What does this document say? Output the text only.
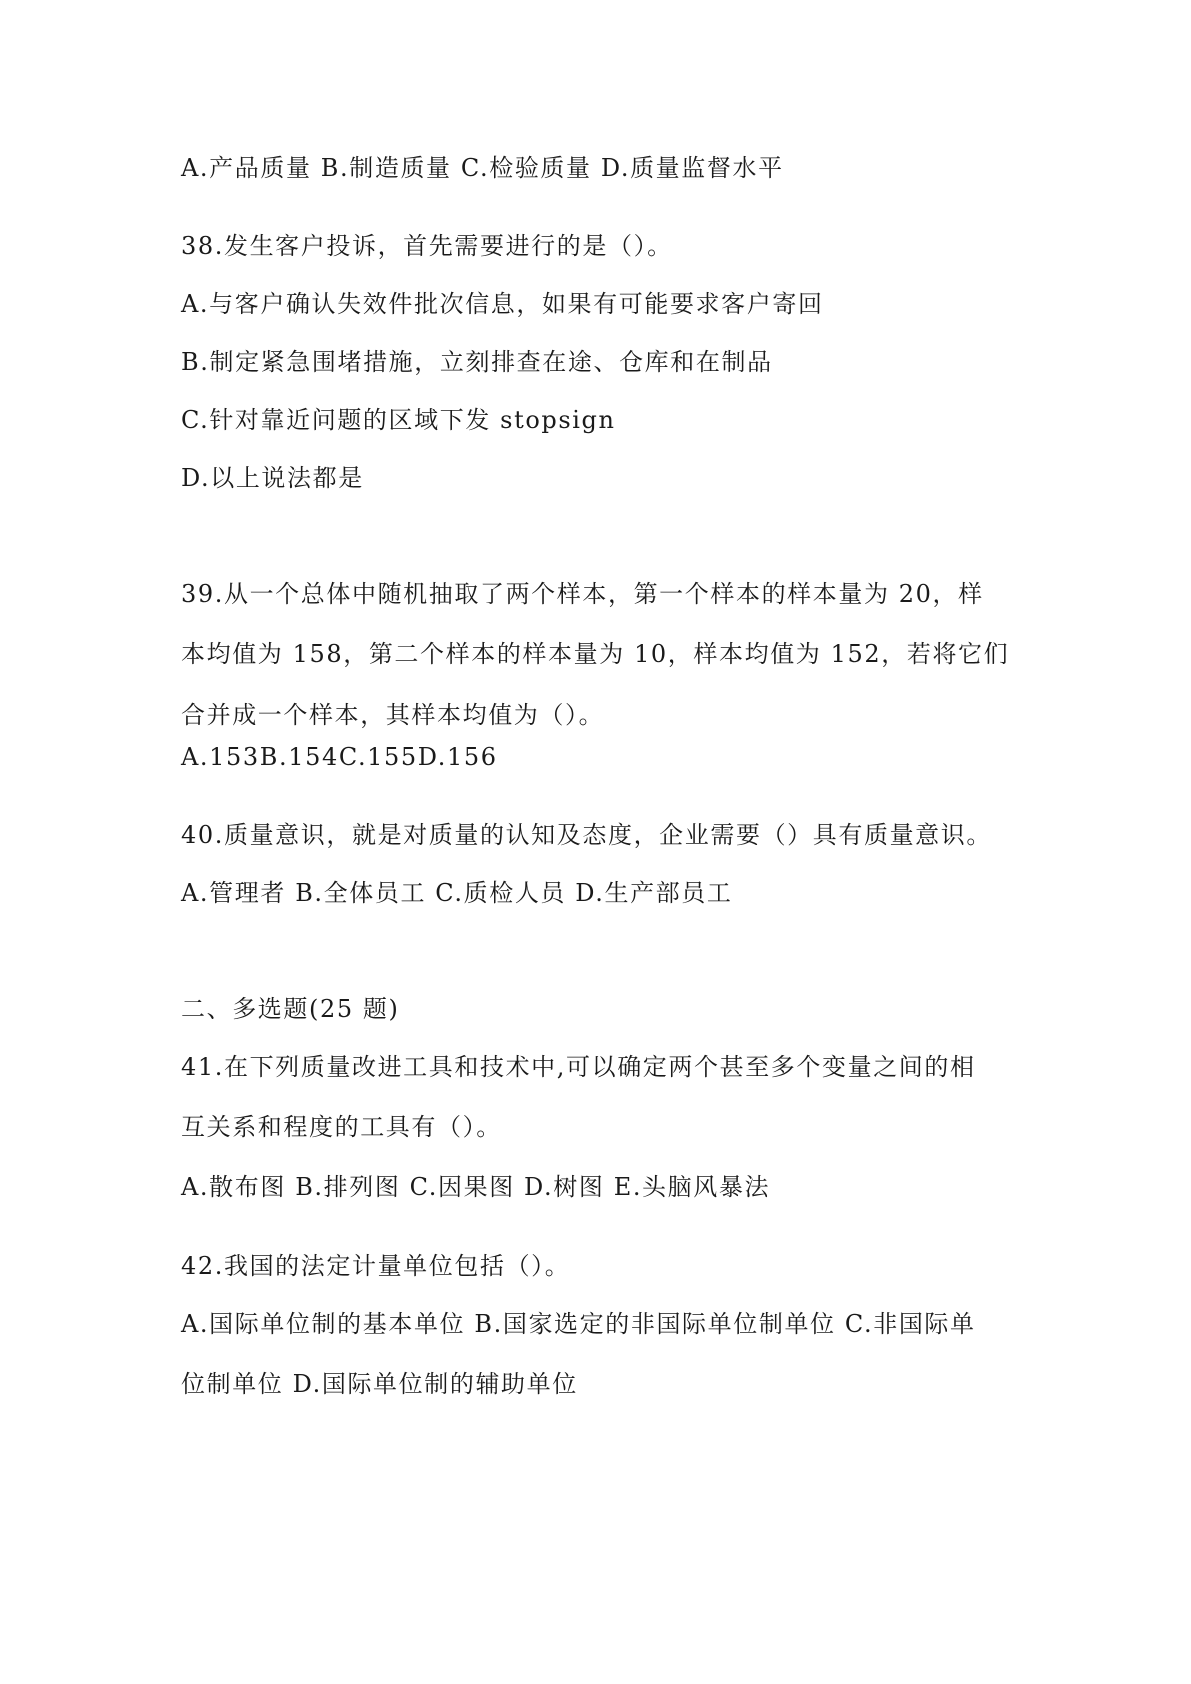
A.产品质量 B.制造质量 C.检验质量 D.质量监督水平
38.发生客户投诉，首先需要进行的是（）。
A.与客户确认失效件批次信息，如果有可能要求客户寄回
B.制定紧急围堵措施，立刻排查在途、仓库和在制品
C.针对靠近问题的区域下发 stopsign
D.以上说法都是
39.从一个总体中随机抽取了两个样本，第一个样本的样本量为 20，样
本均值为 158，第二个样本的样本量为 10，样本均值为 152，若将它们
合并成一个样本，其样本均值为（）。
A.153B.154C.155D.156
40.质量意识，就是对质量的认知及态度，企业需要（）具有质量意识。
A.管理者 B.全体员工 C.质检人员 D.生产部员工
二、多选题(25 题)
41.在下列质量改进工具和技术中,可以确定两个甚至多个变量之间的相
互关系和程度的工具有（）。
A.散布图 B.排列图 C.因果图 D.树图 E.头脑风暴法
42.我国的法定计量单位包括（）。
A.国际单位制的基本单位 B.国家选定的非国际单位制单位 C.非国际单
位制单位 D.国际单位制的辅助单位
